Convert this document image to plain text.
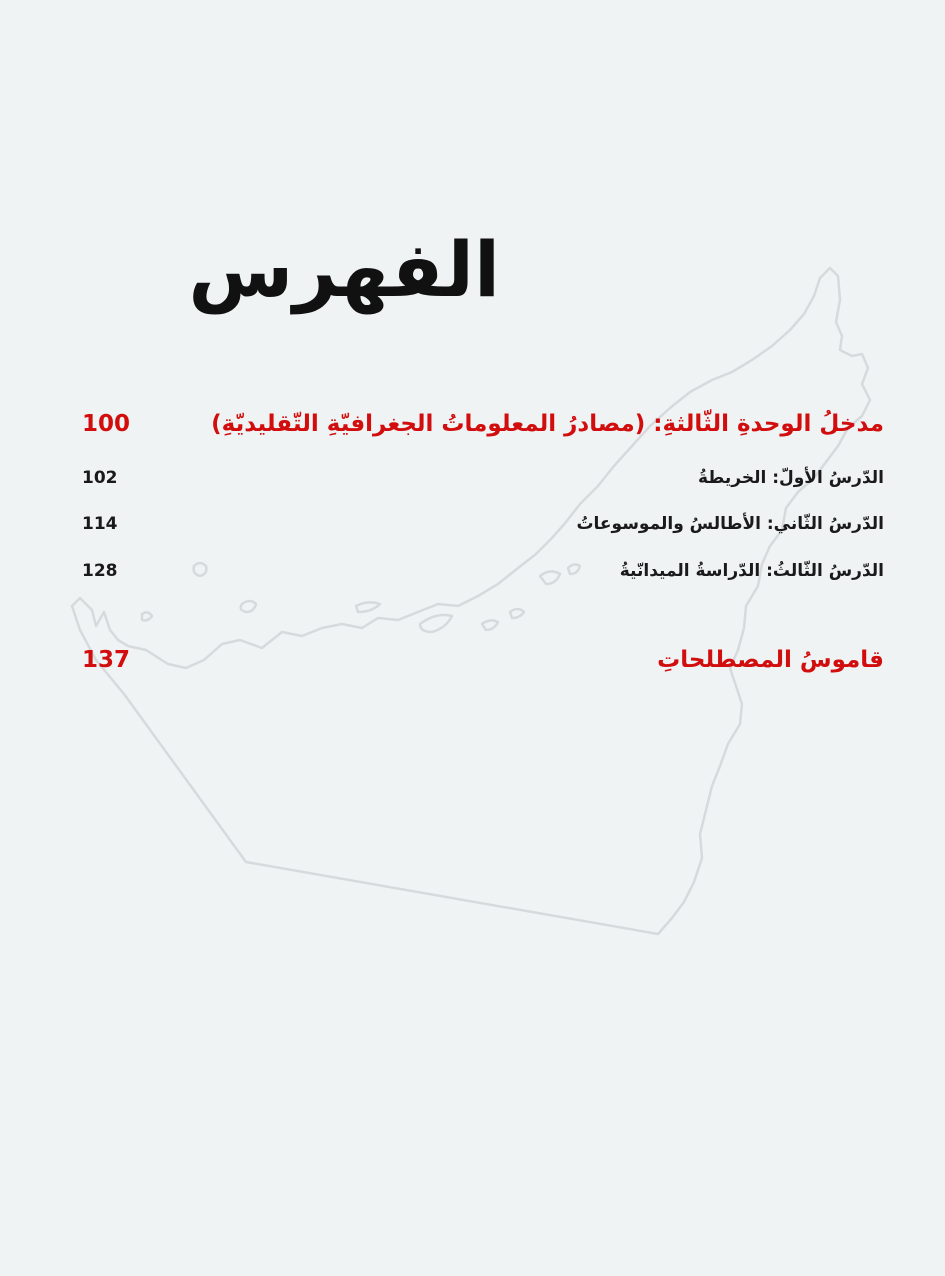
الفهرس
مدخلُ الوحدةِ الثّالثةِ: (مصادرُ المعلوماتُ الجغرافيّةِ التّقليديّةِ)
100
الدّرسُ الأولّ: الخريطةُ
102
الدّرسُ الثّاني: الأطالسُ والموسوعاتُ
114
الدّرسُ الثّالثُ: الدّراسةُ الميدانّيةُ
128
قاموسُ المصطلحاتِ
137
